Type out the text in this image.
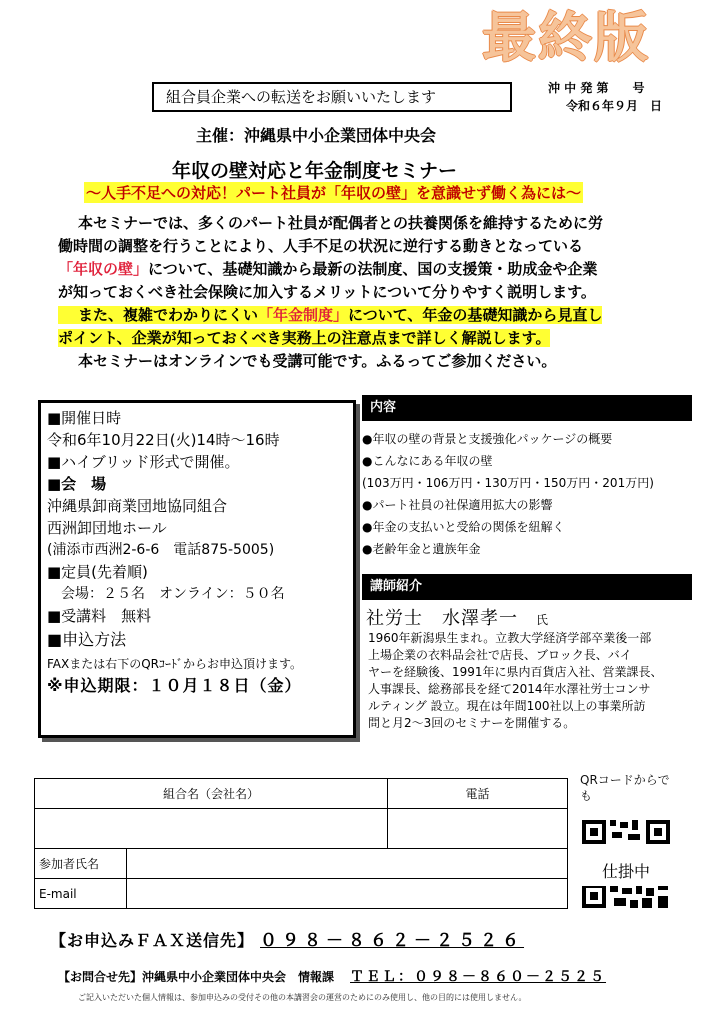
最終版
組合員企業への転送をお願いいたします	沖 中 発 第　　号
令和６年９月　日
主催：沖縄県中小企業団体中央会
年収の壁対応と年金制度セミナー
～人手不足への対応！パート社員が「年収の壁」を意識せず働く為には～

本セミナーでは、多くのパート社員が配偶者との扶養関係を維持するために労

働時間の調整を行うことにより、人手不足の状況に逆行する動きとなっている

「年収の壁」について、基礎知識から最新の法制度、国の支援策・助成金や企業

が知っておくべき社会保険に加入するメリットについて分りやすく説明します。

また、複雑でわかりにくい「年金制度」について、年金の基礎知識から見直し

ポイント、企業が知っておくべき実務上の注意点まで詳しく解説します。

本セミナーはオンラインでも受講可能です。ふるってご参加ください。

■開催日時
令和6年10月22日(火)14時～16時
■ハイブリッド形式で開催。
■会　場
沖縄県卸商業団地協同組合
西洲卸団地ホール
(浦添市西洲2-6-6　電話875-5005)
■定員(先着順)
会場：２５名　オンライン：５０名
■受講料　無料
■申込方法
FAXまたは右下のQRｺｰﾄﾞからお申込頂けます。
※申込期限：１０月１８日（金）
内容
●年収の壁の背景と支援強化パッケージの概要
●こんなにある年収の壁
(103万円・106万円・130万円・150万円・201万円)
●パート社員の社保適用拡大の影響
●年金の支払いと受給の関係を紐解く
●老齢年金と遺族年金
講師紹介
社労士　水澤孝一 氏

1960年新潟県生まれ。立教大学経済学部卒業後一部

上場企業の衣料品会社で店長、ブロック長、バイ

ヤーを経験後、1991年に県内百貨店入社、営業課長、

人事課長、総務部長を経て2014年水澤社労士コンサ

ルティング 設立。現在は年間100社以上の事業所訪

問と月2～3回のセミナーを開催する。

組合名（会社名）		電話

参加者氏名		
E-mail		
QRコードからでも
仕掛中
【お申込みＦＡＸ送信先】 ０９８－８６２－２５２６
【お問合せ先】沖縄県中小企業団体中央会　情報課 ＴＥＬ：０９８－８６０－２５２５
ご記入いただいた個人情報は、参加申込みの受付その他の本講習会の運営のためにのみ使用し、他の目的には使用しません。
